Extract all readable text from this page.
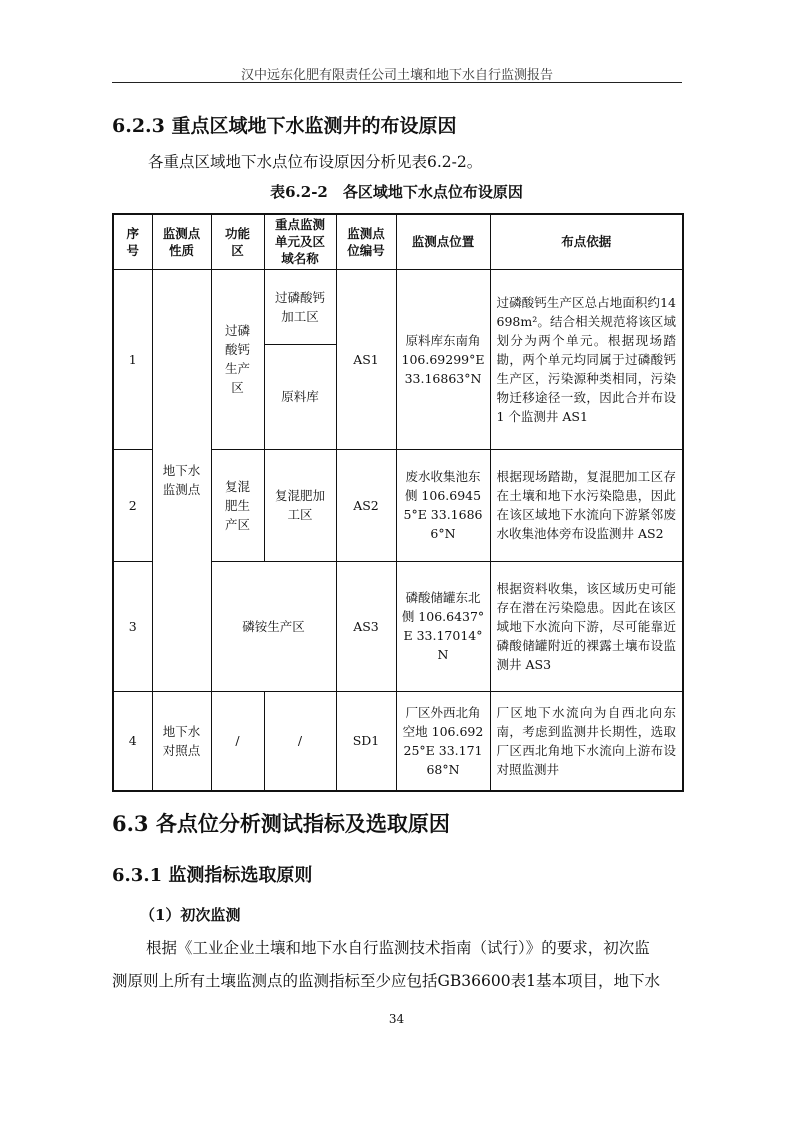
汉中远东化肥有限责任公司土壤和地下水自行监测报告
6.2.3 重点区域地下水监测井的布设原因
各重点区域地下水点位布设原因分析见表6.2-2。
表6.2-2　各区域地下水点位布设原因
序号	监测点性质	功能区	重点监测单元及区域名称	监测点位编号	监测点位置	布点依据
1	地下水监测点	过磷酸钙生产区	过磷酸钙加工区	AS1	原料库东南角 106.69299°E 33.16863°N	过磷酸钙生产区总占地面积约14698m²。结合相关规范将该区域划分为两个单元。根据现场踏勘，两个单元均同属于过磷酸钙生产区，污染源种类相同，污染物迁移途径一致，因此合并布设 1 个监测井 AS1
			原料库			
2		复混肥生产区	复混肥加工区	AS2	废水收集池东侧 106.69455°E 33.16866°N	根据现场踏勘，复混肥加工区存在土壤和地下水污染隐患，因此在该区域地下水流向下游紧邻废水收集池体旁布设监测井 AS2
3		磷铵生产区		AS3	磷酸储罐东北侧 106.6437°E 33.17014°N	根据资料收集，该区域历史可能存在潜在污染隐患。因此在该区域地下水流向下游，尽可能靠近磷酸储罐附近的裸露土壤布设监测井 AS3
4	地下水对照点	/	/	SD1	厂区外西北角空地 106.69225°E 33.17168°N	厂区地下水流向为自西北向东南，考虑到监测井长期性，选取厂区西北角地下水流向上游布设对照监测井
6.3 各点位分析测试指标及选取原因
6.3.1 监测指标选取原则
（1）初次监测
根据《工业企业土壤和地下水自行监测技术指南（试行）》的要求，初次监
测原则上所有土壤监测点的监测指标至少应包括GB36600表1基本项目，地下水
34
